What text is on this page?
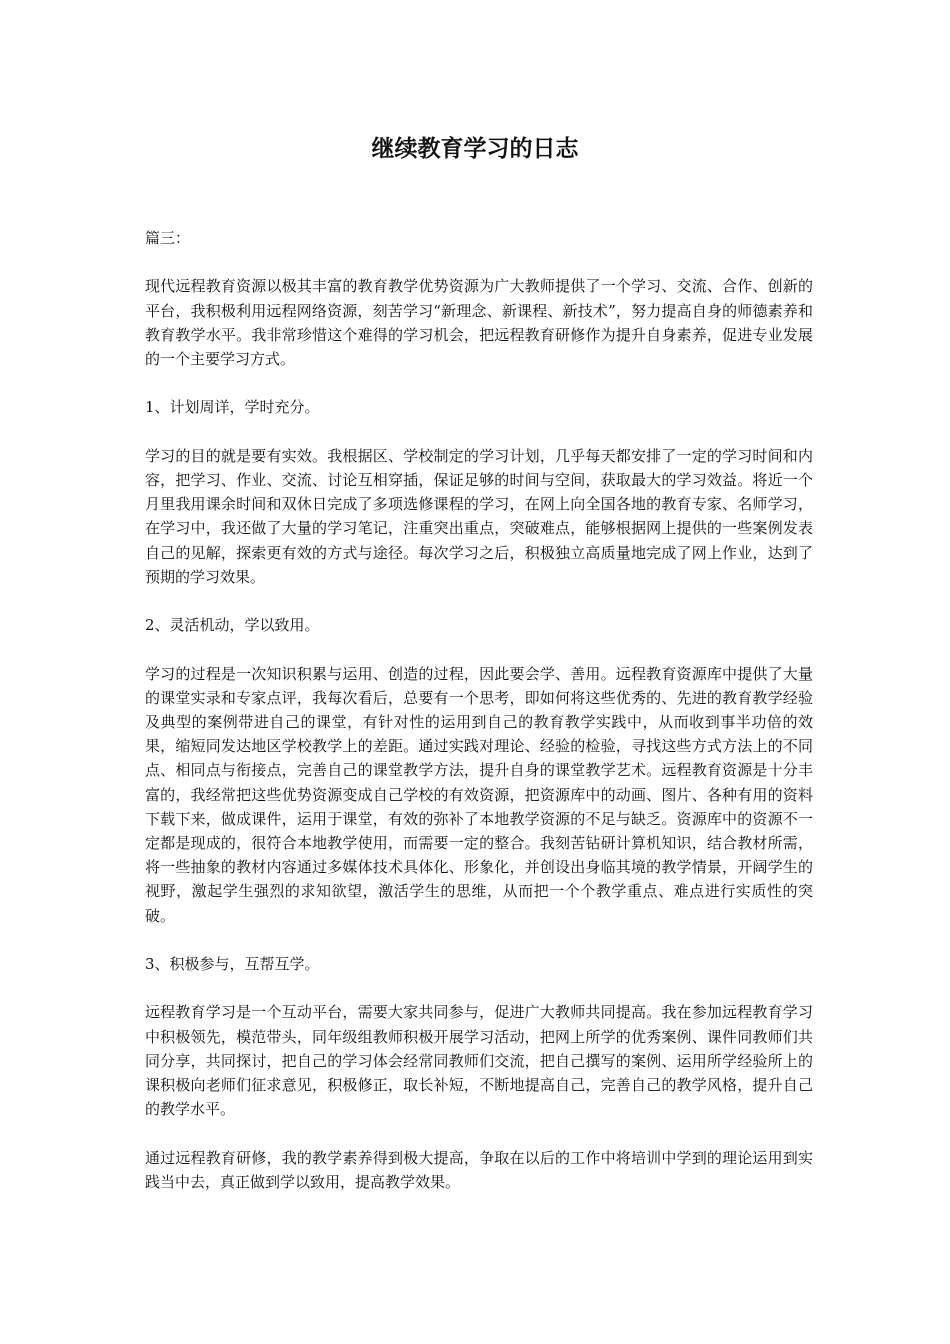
继续教育学习的日志

篇三：

现代远程教育资源以极其丰富的教育教学优势资源为广大教师提供了一个学习、交流、合作、创新的平台，我积极利用远程网络资源，刻苦学习“新理念、新课程、新技术”，努力提高自身的师德素养和教育教学水平。我非常珍惜这个难得的学习机会，把远程教育研修作为提升自身素养，促进专业发展的一个主要学习方式。

1、计划周详，学时充分。

学习的目的就是要有实效。我根据区、学校制定的学习计划，几乎每天都安排了一定的学习时间和内容，把学习、作业、交流、讨论互相穿插，保证足够的时间与空间，获取最大的学习效益。将近一个月里我用课余时间和双休日完成了多项选修课程的学习，在网上向全国各地的教育专家、名师学习，在学习中，我还做了大量的学习笔记，注重突出重点，突破难点，能够根据网上提供的一些案例发表自己的见解，探索更有效的方式与途径。每次学习之后，积极独立高质量地完成了网上作业，达到了预期的学习效果。

2、灵活机动，学以致用。

学习的过程是一次知识积累与运用、创造的过程，因此要会学、善用。远程教育资源库中提供了大量的课堂实录和专家点评，我每次看后，总要有一个思考，即如何将这些优秀的、先进的教育教学经验及典型的案例带进自己的课堂，有针对性的运用到自己的教育教学实践中，从而收到事半功倍的效果，缩短同发达地区学校教学上的差距。通过实践对理论、经验的检验，寻找这些方式方法上的不同点、相同点与衔接点，完善自己的课堂教学方法，提升自身的课堂教学艺术。远程教育资源是十分丰富的，我经常把这些优势资源变成自己学校的有效资源，把资源库中的动画、图片、各种有用的资料下载下来，做成课件，运用于课堂，有效的弥补了本地教学资源的不足与缺乏。资源库中的资源不一定都是现成的，很符合本地教学使用，而需要一定的整合。我刻苦钻研计算机知识，结合教材所需，将一些抽象的教材内容通过多媒体技术具体化、形象化，并创设出身临其境的教学情景，开阔学生的视野，激起学生强烈的求知欲望，激活学生的思维，从而把一个个教学重点、难点进行实质性的突破。

3、积极参与，互帮互学。

远程教育学习是一个互动平台，需要大家共同参与，促进广大教师共同提高。我在参加远程教育学习中积极领先，模范带头，同年级组教师积极开展学习活动，把网上所学的优秀案例、课件同教师们共同分享，共同探讨，把自己的学习体会经常同教师们交流，把自己撰写的案例、运用所学经验所上的课积极向老师们征求意见，积极修正，取长补短，不断地提高自己，完善自己的教学风格，提升自己的教学水平。

通过远程教育研修，我的教学素养得到极大提高，争取在以后的工作中将培训中学到的理论运用到实践当中去，真正做到学以致用，提高教学效果。
